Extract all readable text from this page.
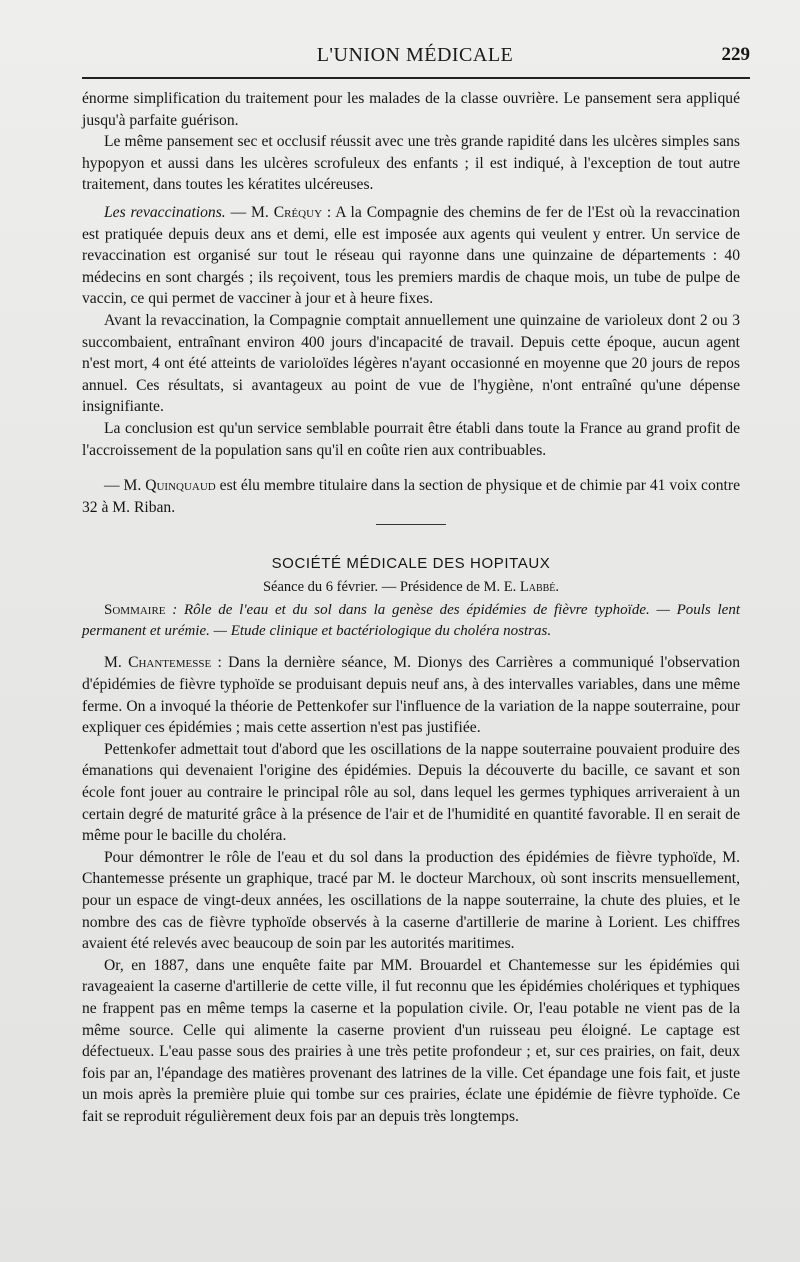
L'UNION MÉDICALE	229

énorme simplification du traitement pour les malades de la classe ouvrière. Le pansement sera appliqué jusqu'à parfaite guérison.

Le même pansement sec et occlusif réussit avec une très grande rapidité dans les ulcères simples sans hypopyon et aussi dans les ulcères scrofuleux des enfants ; il est indiqué, à l'exception de tout autre traitement, dans toutes les kératites ulcéreuses.

Les revaccinations. — M. Créquy : A la Compagnie des chemins de fer de l'Est où la revaccination est pratiquée depuis deux ans et demi, elle est imposée aux agents qui veulent y entrer. Un service de revaccination est organisé sur tout le réseau qui rayonne dans une quinzaine de départements : 40 médecins en sont chargés ; ils reçoivent, tous les premiers mardis de chaque mois, un tube de pulpe de vaccin, ce qui permet de vacciner à jour et à heure fixes.

Avant la revaccination, la Compagnie comptait annuellement une quinzaine de varioleux dont 2 ou 3 succombaient, entraînant environ 400 jours d'incapacité de travail. Depuis cette époque, aucun agent n'est mort, 4 ont été atteints de varioloïdes légères n'ayant occasionné en moyenne que 20 jours de repos annuel. Ces résultats, si avantageux au point de vue de l'hygiène, n'ont entraîné qu'une dépense insignifiante.

La conclusion est qu'un service semblable pourrait être établi dans toute la France au grand profit de l'accroissement de la population sans qu'il en coûte rien aux contribuables.

— M. Quinquaud est élu membre titulaire dans la section de physique et de chimie par 41 voix contre 32 à M. Riban.

SOCIÉTÉ MÉDICALE DES HOPITAUX
Séance du 6 février. — Présidence de M. E. Labbé.

Sommaire : Rôle de l'eau et du sol dans la genèse des épidémies de fièvre typhoïde. — Pouls lent permanent et urémie. — Etude clinique et bactériologique du choléra nostras.

M. Chantemesse : Dans la dernière séance, M. Dionys des Carrières a communiqué l'observation d'épidémies de fièvre typhoïde se produisant depuis neuf ans, à des intervalles variables, dans une même ferme. On a invoqué la théorie de Pettenkofer sur l'influence de la variation de la nappe souterraine, pour expliquer ces épidémies ; mais cette assertion n'est pas justifiée.

Pettenkofer admettait tout d'abord que les oscillations de la nappe souterraine pouvaient produire des émanations qui devenaient l'origine des épidémies. Depuis la découverte du bacille, ce savant et son école font jouer au contraire le principal rôle au sol, dans lequel les germes typhiques arriveraient à un certain degré de maturité grâce à la présence de l'air et de l'humidité en quantité favorable. Il en serait de même pour le bacille du choléra.

Pour démontrer le rôle de l'eau et du sol dans la production des épidémies de fièvre typhoïde, M. Chantemesse présente un graphique, tracé par M. le docteur Marchoux, où sont inscrits mensuellement, pour un espace de vingt-deux années, les oscillations de la nappe souterraine, la chute des pluies, et le nombre des cas de fièvre typhoïde observés à la caserne d'artillerie de marine à Lorient. Les chiffres avaient été relevés avec beaucoup de soin par les autorités maritimes.

Or, en 1887, dans une enquête faite par MM. Brouardel et Chantemesse sur les épidémies qui ravageaient la caserne d'artillerie de cette ville, il fut reconnu que les épidémies cholériques et typhiques ne frappent pas en même temps la caserne et la population civile. Or, l'eau potable ne vient pas de la même source. Celle qui alimente la caserne provient d'un ruisseau peu éloigné. Le captage est défectueux. L'eau passe sous des prairies à une très petite profondeur ; et, sur ces prairies, on fait, deux fois par an, l'épandage des matières provenant des latrines de la ville. Cet épandage une fois fait, et juste un mois après la première pluie qui tombe sur ces prairies, éclate une épidémie de fièvre typhoïde. Ce fait se reproduit régulièrement deux fois par an depuis très longtemps.
